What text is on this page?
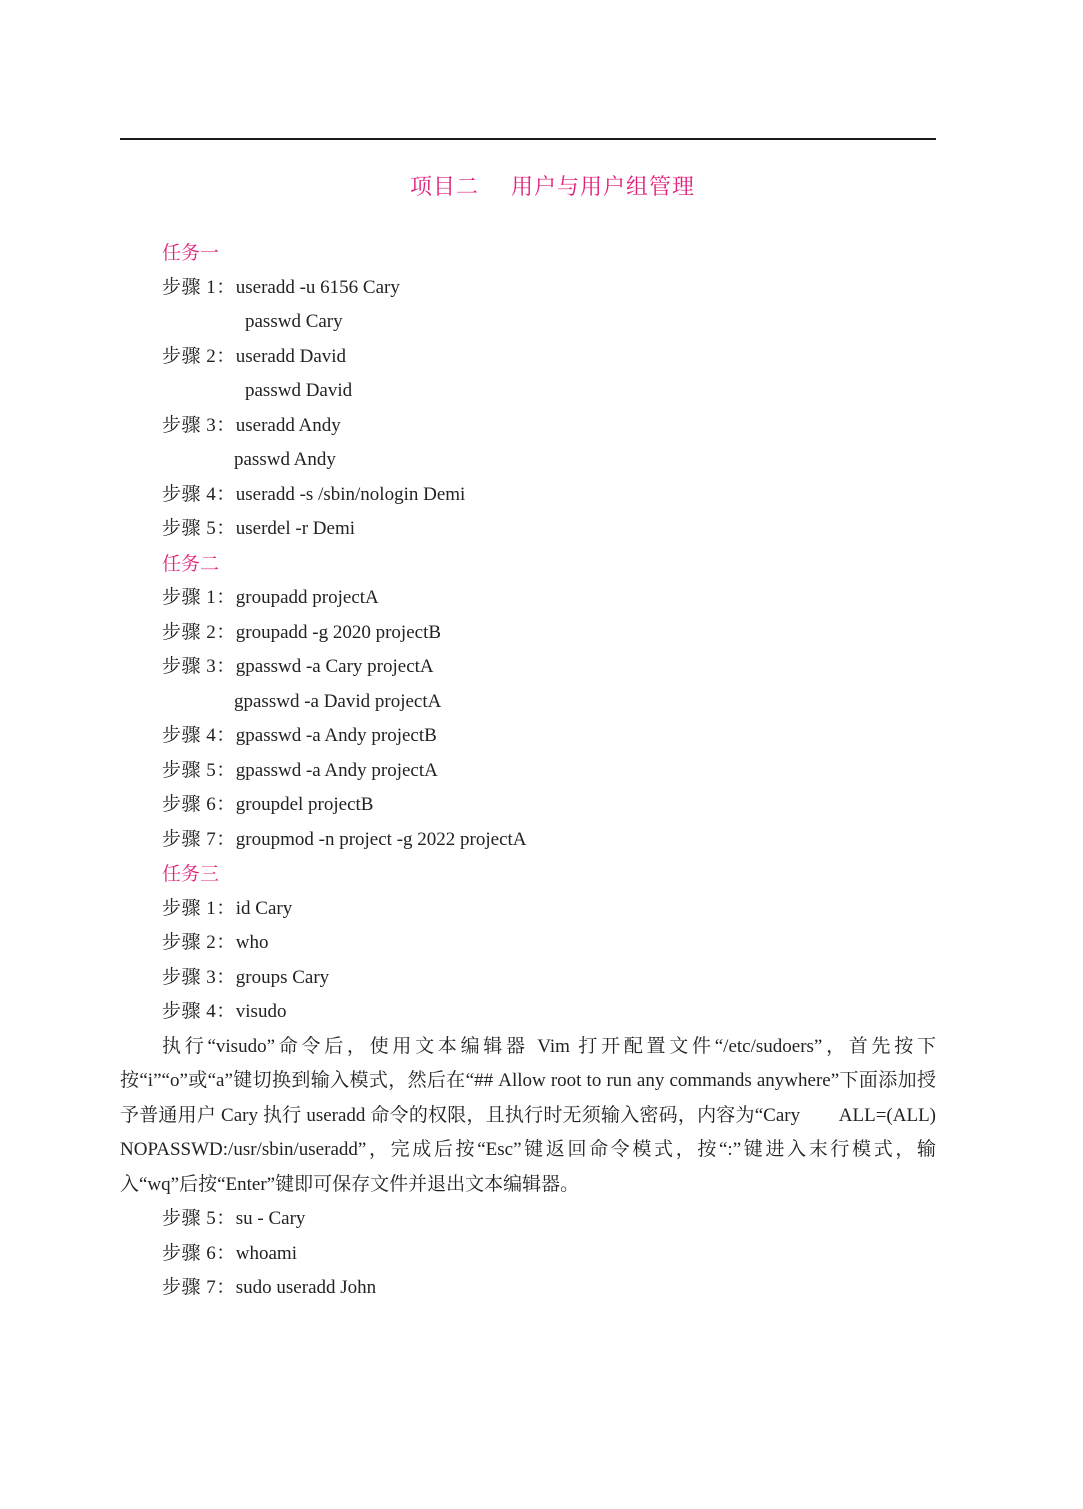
项目二    用户与用户组管理
任务一
步骤 1：useradd -u 6156 Cary
passwd Cary
步骤 2：useradd David
passwd David
步骤 3：useradd Andy
passwd Andy
步骤 4：useradd -s /sbin/nologin Demi
步骤 5：userdel -r Demi
任务二
步骤 1：groupadd projectA
步骤 2：groupadd -g 2020 projectB
步骤 3：gpasswd -a Cary projectA
gpasswd -a David projectA
步骤 4：gpasswd -a Andy projectB
步骤 5：gpasswd -a Andy projectA
步骤 6：groupdel projectB
步骤 7：groupmod -n project -g 2022 projectA
任务三
步骤 1：id Cary
步骤 2：who
步骤 3：groups Cary
步骤 4：visudo
执行“visudo”命令后，使用文本编辑器 Vim 打开配置文件“/etc/sudoers”，首先按下按“i”“o”或“a”键切换到输入模式，然后在“## Allow root to run any commands anywhere”下面添加授予普通用户 Cary 执行 useradd 命令的权限，且执行时无须输入密码，内容为“Cary        ALL=(ALL)            NOPASSWD:/usr/sbin/useradd”，完成后按“Esc”键返回命令模式，按“:”键进入末行模式，输入“wq”后按“Enter”键即可保存文件并退出文本编辑器。
步骤 5：su - Cary
步骤 6：whoami
步骤 7：sudo useradd John
